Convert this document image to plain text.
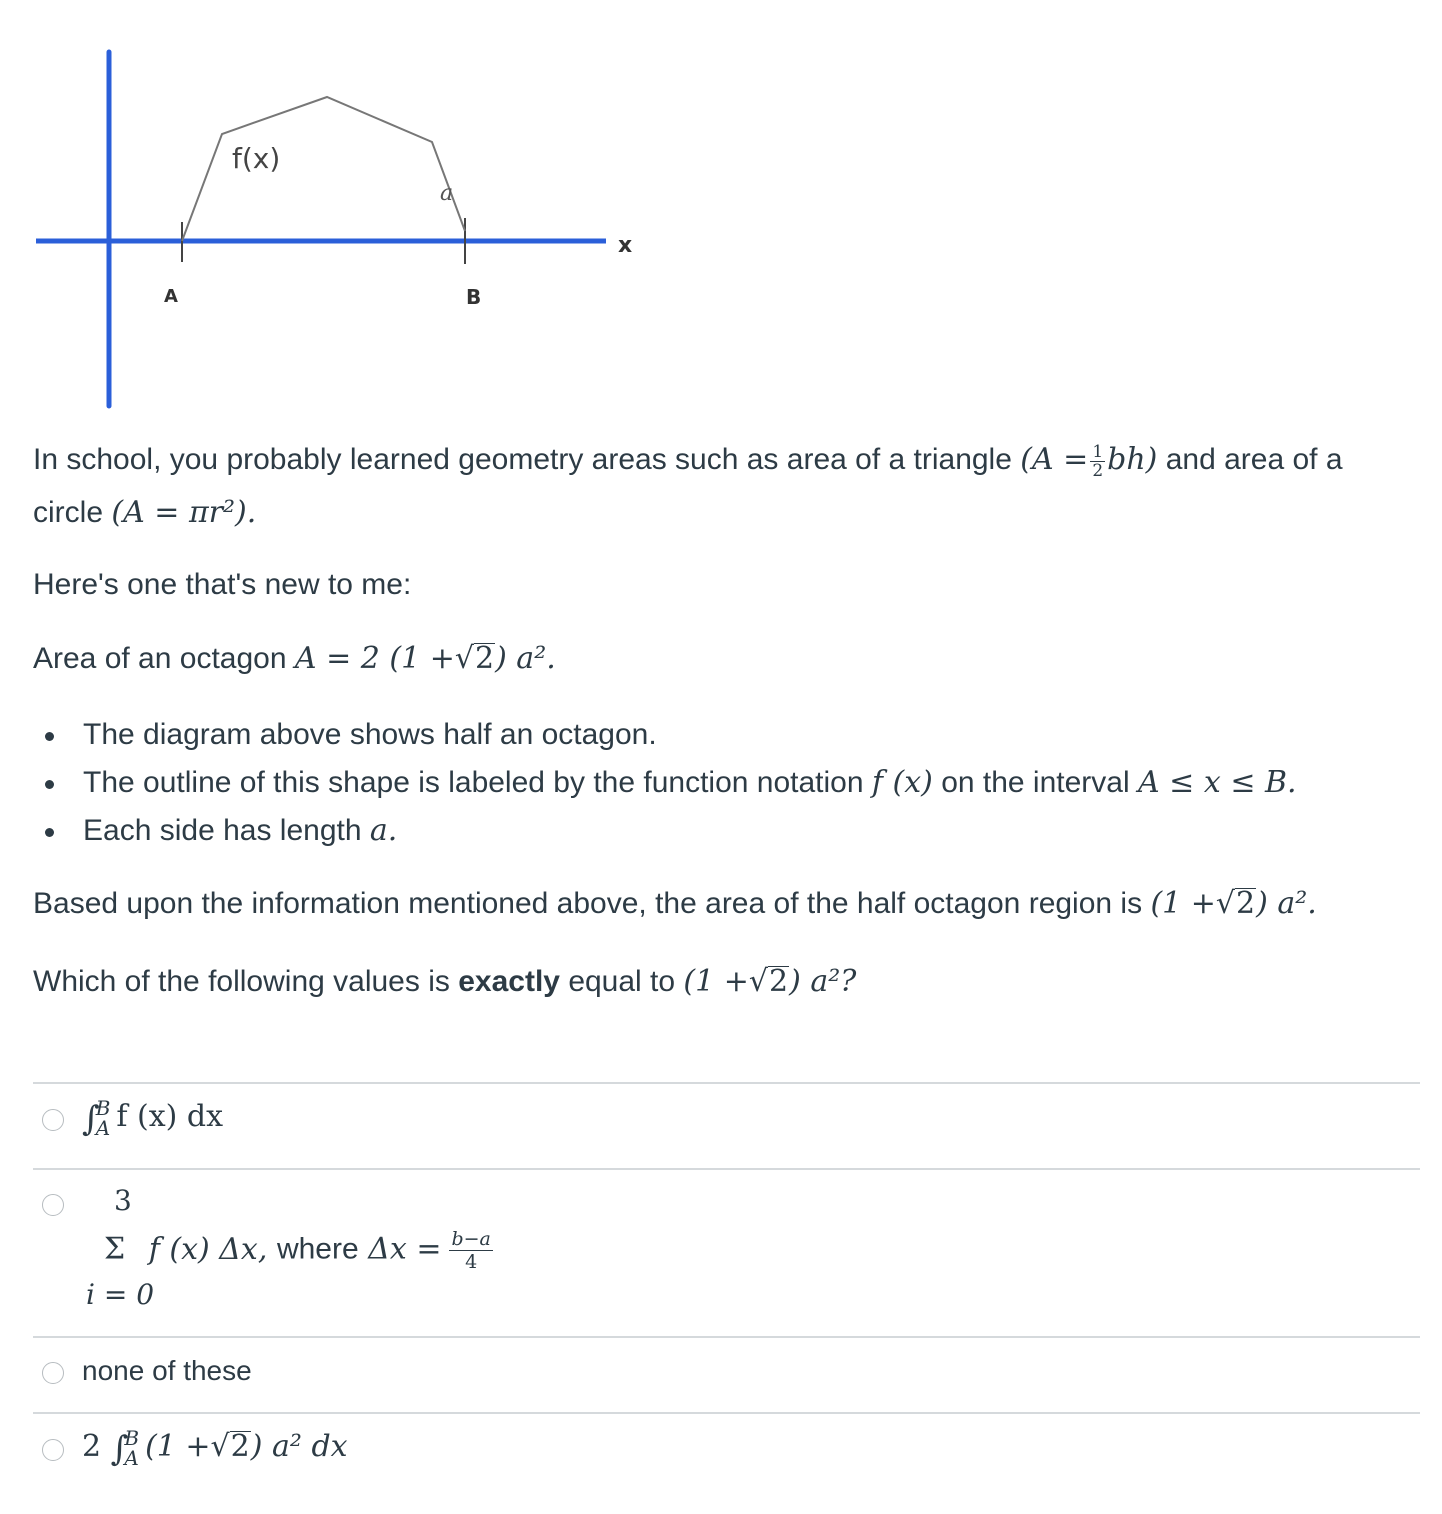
f(x)
a
x
A	B
In school, you probably learned geometry areas such as area of a triangle $(A = \frac{1}{2} bh)$ and area of a
circle (A = πr²).
Here's one that's new to me:
Area of an octagon A = 2 (1 +√2) a².
The diagram above shows half an octagon.
The outline of this shape is labeled by the function notation f (x) on the interval A ≤ x ≤ B.
Each side has length a.
Based upon the information mentioned above, the area of the half octagon region is (1 +√2) a².
Which of the following values is exactly equal to (1 +√2) a²?
∫
B
A f (x) dx
3
Σ f (x) Δx, where $\Delta x = \frac{b-a}{4}$
i = 0
none of these
2 ∫
B
A (1 +√2) a² dx
